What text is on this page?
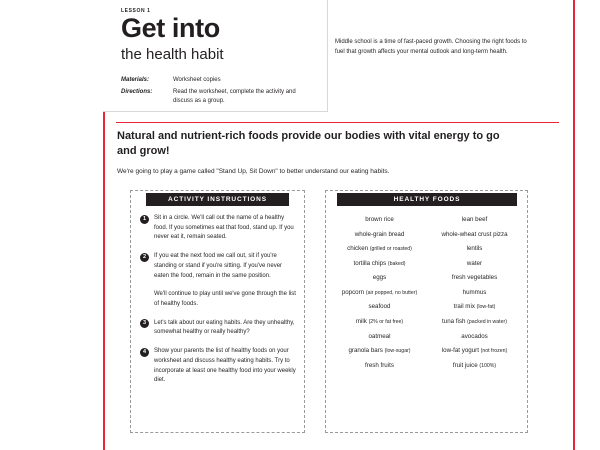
LESSON 1
Get into
the health habit
Materials:	Worksheet copies
Directions:	Read the worksheet, complete the activity and discuss as a group.
Middle school is a time of fast-paced growth. Choosing the right foods to fuel that growth affects your mental outlook and long-term health.
Natural and nutrient-rich foods provide our bodies with vital energy to go and grow!
We're going to play a game called "Stand Up, Sit Down" to better understand our eating habits.
ACTIVITY INSTRUCTIONS
1	Sit in a circle. We'll call out the name of a healthy food. If you sometimes eat that food, stand up. If you never eat it, remain seated.
2	If you eat the next food we call out, sit if you're standing or stand if you're sitting. If you've never eaten the food, remain in the same position.
We'll continue to play until we've gone through the list of healthy foods.
3	Let's talk about our eating habits. Are they unhealthy, somewhat healthy or really healthy?
4	Show your parents the list of healthy foods on your worksheet and discuss healthy eating habits. Try to incorporate at least one healthy food into your weekly diet.
HEALTHY FOODS
brown rice	lean beef
whole-grain bread	whole-wheat crust pizza
chicken (grilled or roasted)	lentils
tortilla chips (baked)	water
eggs	fresh vegetables
popcorn (air popped, no butter)	hummus
seafood	trail mix (low-fat)
milk (2% or fat free)	tuna fish (packed in water)
oatmeal	avocados
granola bars (low-sugar)	low-fat yogurt (not frozen)
fresh fruits	fruit juice (100%)
